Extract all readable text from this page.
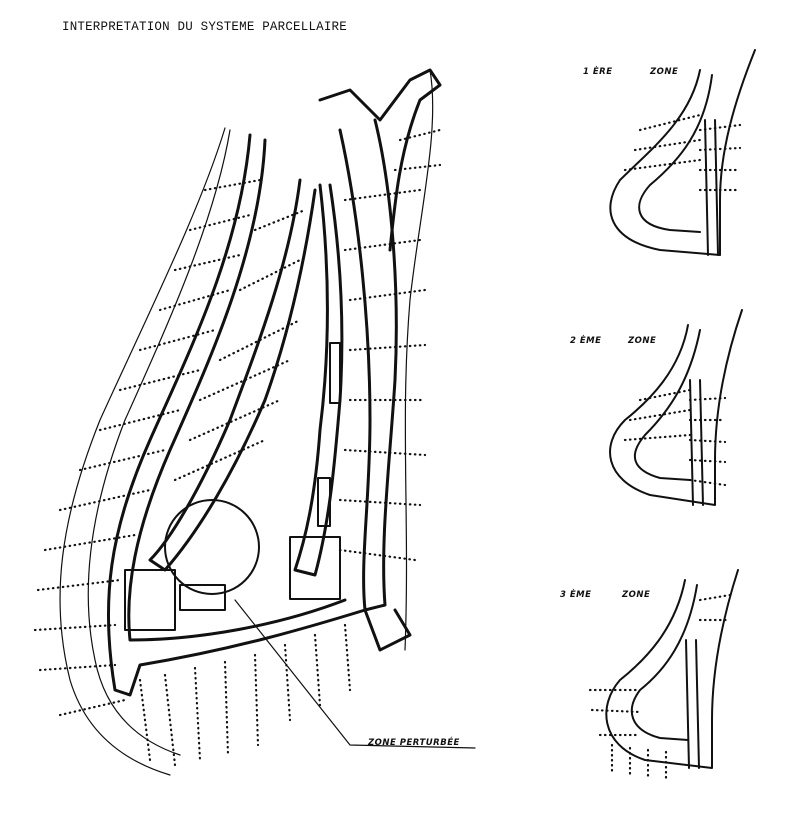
INTERPRETATION DU SYSTEME PARCELLAIRE
ZONE PERTURBÉE
1 ÈRE	ZONE
2 ÈME	ZONE
3 ÈME	ZONE
